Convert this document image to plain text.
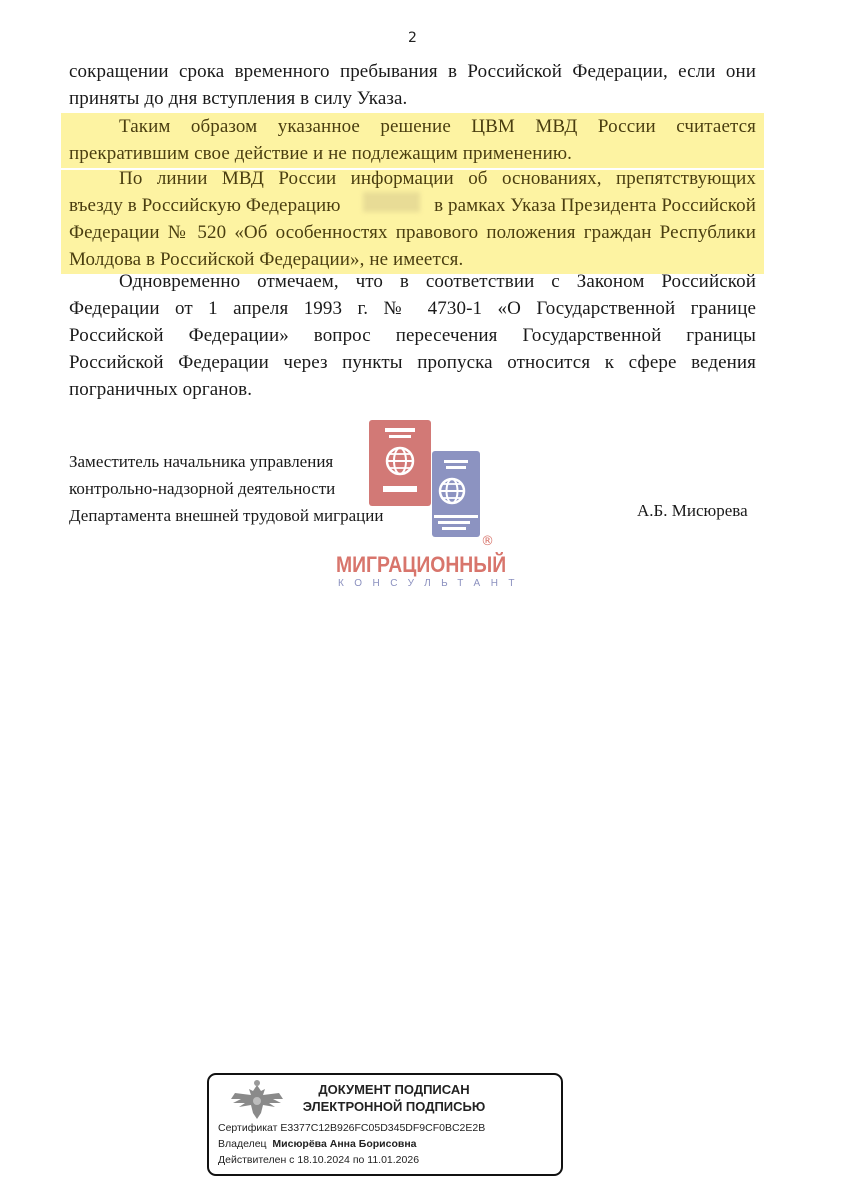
2
сокращении срока временного пребывания в Российской Федерации, если они
приняты до дня вступления в силу Указа.
Таким образом указанное решение ЦВМ МВД России считается
прекратившим свое действие и не подлежащим применению.
По линии МВД России информации об основаниях, препятствующих
въезду в Российскую Федерацию	в рамках Указа Президента Российской
Федерации № 520 «Об особенностях правового положения граждан Республики
Молдова в Российской Федерации», не имеется.
Одновременно отмечаем, что в соответствии с Законом Российской
Федерации от 1 апреля 1993 г. № 4730-1 «О Государственной границе
Российской Федерации» вопрос пересечения Государственной границы
Российской Федерации через пункты пропуска относится к сфере ведения
пограничных органов.
Заместитель начальника управления
контрольно-надзорной деятельности
Департамента внешней трудовой миграции	А.Б. Мисюрева
®
МИГРАЦИОННЫЙ
КОНСУЛЬТАНТ
ДОКУМЕНТ ПОДПИСАН
ЭЛЕКТРОННОЙ ПОДПИСЬЮ
Сертификат E3377C12B926FC05D345DF9CF0BC2E2B
Владелец Мисюрёва Анна Борисовна
Действителен с 18.10.2024 по 11.01.2026
